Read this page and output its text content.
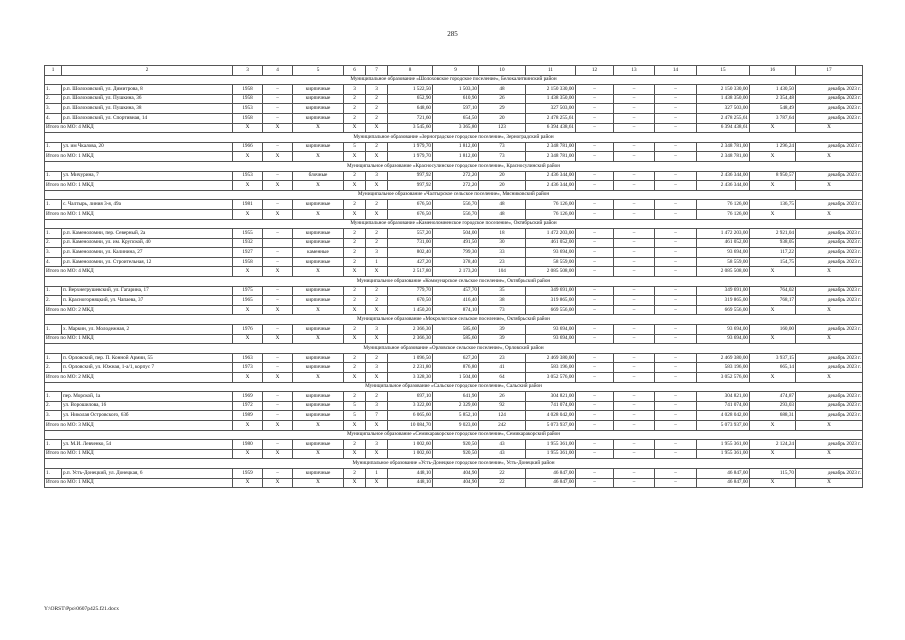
285
1	2	3	4	5	6	7	8	9	10	11	12	13	14	15	16	17
Муниципальное образование «Шолоховское городское поселение», Белокалитвинский район																
1.	р.п. Шолоховский, ул. Димитрова, 8	1958	–	кирпичные	3	3	1 522,50	1 503,30	48	2 150 330,00	–	–	–	2 150 330,00	1 430,50	декабрь 2023 г.
2.	р.п. Шолоховский, ул. Пушкина, 36	1958	–	кирпичные	2	2	652,90	610,90	26	1 438 350,00	–	–	–	1 438 350,00	2 354,48	декабрь 2023 г.
3.	р.п. Шолоховский, ул. Пушкина, 38	1953	–	кирпичные	2	2	648,60	597,10	29	327 503,00	–	–	–	327 503,00	548,49	декабрь 2023 г.
4.	р.п. Шолоховский, ул. Спортивная, 14	1958	–	кирпичные	2	2	721,60	654,50	20	2 478 255,61	–	–	–	2 478 255,61	3 787,64	декабрь 2023 г.
Итого по МО: 4 МКД		X	X	X	X	X	3 545,60	3 365,80	123	6 394 438,61	–	–	–	6 394 438,61	X	X
Муниципальное образование «Зерноградское городское поселение», Зерноградский район																
1.	ул. им Чкалова, 20	1966	–	кирпичные	5	2	1 979,70	1 812,00	73	2 348 781,00	–	–	–	2 348 781,00	1 296,24	декабрь 2023 г.
Итого по МО: 1 МКД		X	X	X	X	X	1 979,70	1 812,00	73	2 348 781,00	–	–	–	2 348 781,00	X	X
Муниципальное образование «Красносулинское городское поселение», Красносулинский район																
1.	ул. Мичурина, 7	1953	–	блочные	2	3	997,92	272,20	20	2 436 344,00	–	–	–	2 436 344,00	8 950,57	декабрь 2023 г.
Итого по МО: 1 МКД		X	X	X	X	X	997,92	272,20	20	2 436 344,00	–	–	–	2 436 344,00	X	X
Муниципальное образование «Чалтырское сельское поселение», Мясниковский район																
1.	с. Чалтырь, линия 3-я, 49а	1981	–	кирпичные	2	2	676,50	556,70	48	76 126,00	–	–	–	76 126,00	136,75	декабрь 2023 г.
Итого по МО: 1 МКД		X	X	X	X	X	676,50	556,70	48	76 126,00	–	–	–	76 126,00	X	X
Муниципальное образование «Каменоломненское городское поселение», Октябрьский район																
1.	р.п. Каменоломни, пер. Северный, 2а	1955	–	кирпичные	2	2	557,20	504,00	18	1 472 203,00	–	–	–	1 472 203,00	2 921,04	декабрь 2023 г.
2.	р.п. Каменоломни, ул. им. Крупской, 40	1932		кирпичные	2	2	731,00	491,50	30	461 052,00	–	–	–	461 052,00	938,05	декабрь 2023 г.
3.	р.п. Каменоломни, ул. Калинина, 27	1927	–	каменные	2	3	802,40	799,30	33	93 694,00	–	–	–	93 694,00	117,22	декабрь 2023 г.
4.	р.п. Каменоломни, ул. Строительная, 12	1958	–	кирпичные	2	1	427,20	378,40	23	58 559,00	–	–	–	58 559,00	154,75	декабрь 2023 г.
Итого по МО: 4 МКД		X	X	X	X	X	2 517,80	2 173,20	104	2 085 508,00	–	–	–	2 085 508,00	X	X
Муниципальное образование «Коммунарское сельское поселение», Октябрьский район																
1.	п. Верхнегрушевский, ул. Гагарина, 17	1975	–	кирпичные	2	2	779,70	457,70	35	349 691,00	–	–	–	349 691,00	764,02	декабрь 2023 г.
2.	п. Красногорняцкий, ул. Чапаева, 37	1965	–	кирпичные	2	2	670,50	416,40	38	319 865,00	–	–	–	319 865,00	768,17	декабрь 2023 г.
Итого по МО: 2 МКД		X	X	X	X	X	1 450,20	874,10	73	669 556,00	–	–	–	669 556,00	X	X
Муниципальное образование «Мокрологское сельское поселение», Октябрьский район																
1.	х. Маркин, ул. Молодежная, 2	1976	–	кирпичные	2	3	2 366,30	585,60	39	93 694,00	–	–	–	93 694,00	160,00	декабрь 2023 г.
Итого по МО: 1 МКД		X	X	X	X	X	2 366,30	585,60	39	93 694,00	–	–	–	93 694,00	X	X
Муниципальное образование «Орловское сельское поселение», Орловский район																
1.	п. Орловский, пер. П. Конной Армии, 55	1963	–	кирпичные	2	2	1 096,50	627,20	23	2 469 380,00	–	–	–	2 469 380,00	3 937,15	декабрь 2023 г.
2.	п. Орловский, ул. Южная, 1-а/1, корпус 7	1973	–	кирпичные	2	3	2 231,80	876,80	41	583 196,00	–	–	–	583 196,00	665,14	декабрь 2023 г.
Итого по МО: 2 МКД		X	X	X	X	X	3 328,30	1 504,00	64	3 052 576,00	–	–	–	3 052 576,00	X	X
Муниципальное образование «Сальское городское поселение», Сальский район																
1.	пер. Морской, 1а	1969	–	кирпичные	2	2	697,10	641,90	26	304 821,00	–	–	–	304 821,00	474,87	декабрь 2023 г.
2.	ул. Ворошилова, 16	1972	–	кирпичные	5	3	3 322,00	2 329,00	92	741 074,00	–	–	–	741 074,00	293,03	декабрь 2023 г.
3.	ул. Николая Островского, 63б	1989	–	кирпичные	5	7	6 065,60	5 852,10	124	4 028 042,00	–	–	–	4 028 042,00	688,31	декабрь 2023 г.
Итого по МО: 3 МКД		X	X	X	X	X	10 084,70	9 023,00	242	5 073 937,00	–	–	–	5 073 937,00	X	X
Муниципальное образование «Семикаракорское городское поселение», Семикаракорский район																
1.	ул. М.И. Левченко, 54	1980	–	кирпичные	2	3	1 002,60	920,50	43	1 955 361,00	–	–	–	1 955 361,00	2 124,24	декабрь 2023 г.
Итого по МО: 1 МКД		X	X	X	X	X	1 002,60	920,50	43	1 955 361,00	–	–	–	1 955 361,00	X	X
Муниципальное образование «Усть-Донецкое городское поселение», Усть-Донецкий район																
1.	р.п. Усть-Донецкий, ул. Донецкая, 6	1959	–	кирпичные	2	1	448,10	404,90	22	46 847,00	–	–	–	46 847,00	115,70	декабрь 2023 г.
Итого по МО: 1 МКД		X	X	X	X	X	448,10	404,90	22	46 847,00	–	–	–	46 847,00	X	X
Y:\ORST\Ppo\0607p425.f21.docx
